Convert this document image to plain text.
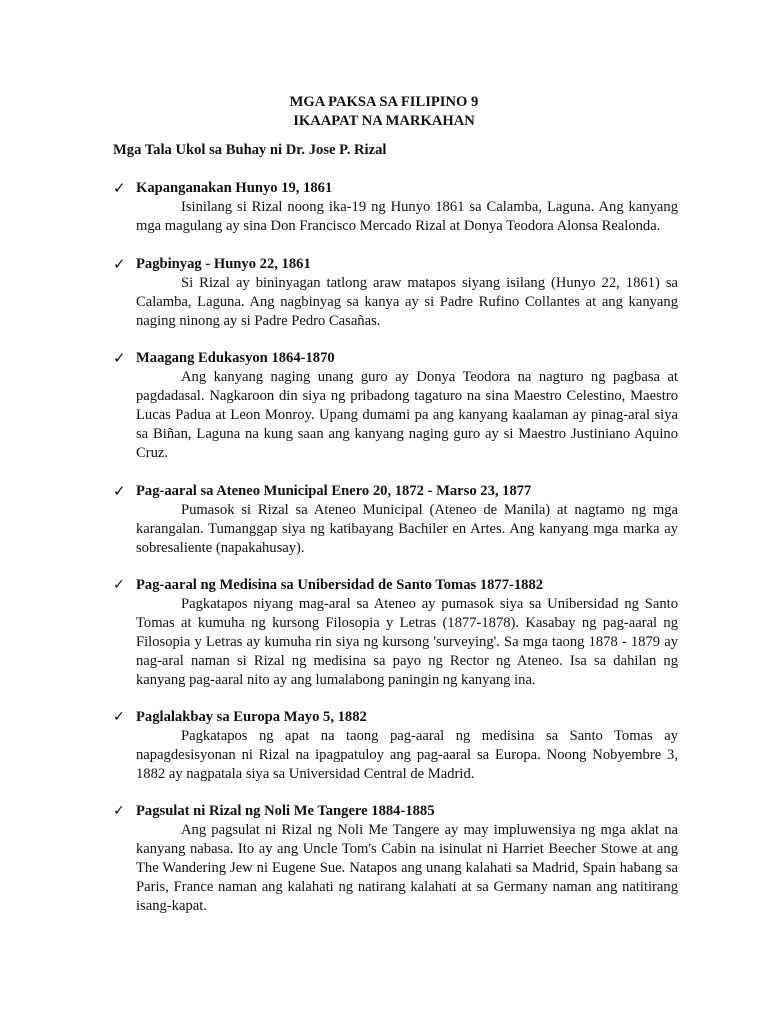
MGA PAKSA SA FILIPINO 9
IKAAPAT NA MARKAHAN
Mga Tala Ukol sa Buhay ni Dr. Jose P. Rizal
✓ Kapanganakan Hunyo 19, 1861
Isinilang si Rizal noong ika-19 ng Hunyo 1861 sa Calamba, Laguna. Ang kanyang mga magulang ay sina Don Francisco Mercado Rizal at Donya Teodora Alonsa Realonda.
✓ Pagbinyag - Hunyo 22, 1861
Si Rizal ay bininyagan tatlong araw matapos siyang isilang (Hunyo 22, 1861) sa Calamba, Laguna. Ang nagbinyag sa kanya ay si Padre Rufino Collantes at ang kanyang naging ninong ay si Padre Pedro Casañas.
✓ Maagang Edukasyon 1864-1870
Ang kanyang naging unang guro ay Donya Teodora na nagturo ng pagbasa at pagdadasal. Nagkaroon din siya ng pribadong tagaturo na sina Maestro Celestino, Maestro Lucas Padua at Leon Monroy. Upang dumami pa ang kanyang kaalaman ay pinag-aral siya sa Biñan, Laguna na kung saan ang kanyang naging guro ay si Maestro Justiniano Aquino Cruz.
✓ Pag-aaral sa Ateneo Municipal Enero 20, 1872 - Marso 23, 1877
Pumasok si Rizal sa Ateneo Municipal (Ateneo de Manila) at nagtamo ng mga karangalan. Tumanggap siya ng katibayang Bachiler en Artes. Ang kanyang mga marka ay sobresaliente (napakahusay).
✓ Pag-aaral ng Medisina sa Unibersidad de Santo Tomas 1877-1882
Pagkatapos niyang mag-aral sa Ateneo ay pumasok siya sa Unibersidad ng Santo Tomas at kumuha ng kursong Filosopia y Letras (1877-1878). Kasabay ng pag-aaral ng Filosopia y Letras ay kumuha rin siya ng kursong 'surveying'. Sa mga taong 1878 - 1879 ay nag-aral naman si Rizal ng medisina sa payo ng Rector ng Ateneo. Isa sa dahilan ng kanyang pag-aaral nito ay ang lumalabong paningin ng kanyang ina.
✓ Paglalakbay sa Europa Mayo 5, 1882
Pagkatapos ng apat na taong pag-aaral ng medisina sa Santo Tomas ay napagdesisyonan ni Rizal na ipagpatuloy ang pag-aaral sa Europa. Noong Nobyembre 3, 1882 ay nagpatala siya sa Universidad Central de Madrid.
✓ Pagsulat ni Rizal ng Noli Me Tangere 1884-1885
Ang pagsulat ni Rizal ng Noli Me Tangere ay may impluwensiya ng mga aklat na kanyang nabasa. Ito ay ang Uncle Tom's Cabin na isinulat ni Harriet Beecher Stowe at ang The Wandering Jew ni Eugene Sue. Natapos ang unang kalahati sa Madrid, Spain habang sa Paris, France naman ang kalahati ng natirang kalahati at sa Germany naman ang natitirang isang-kapat.
